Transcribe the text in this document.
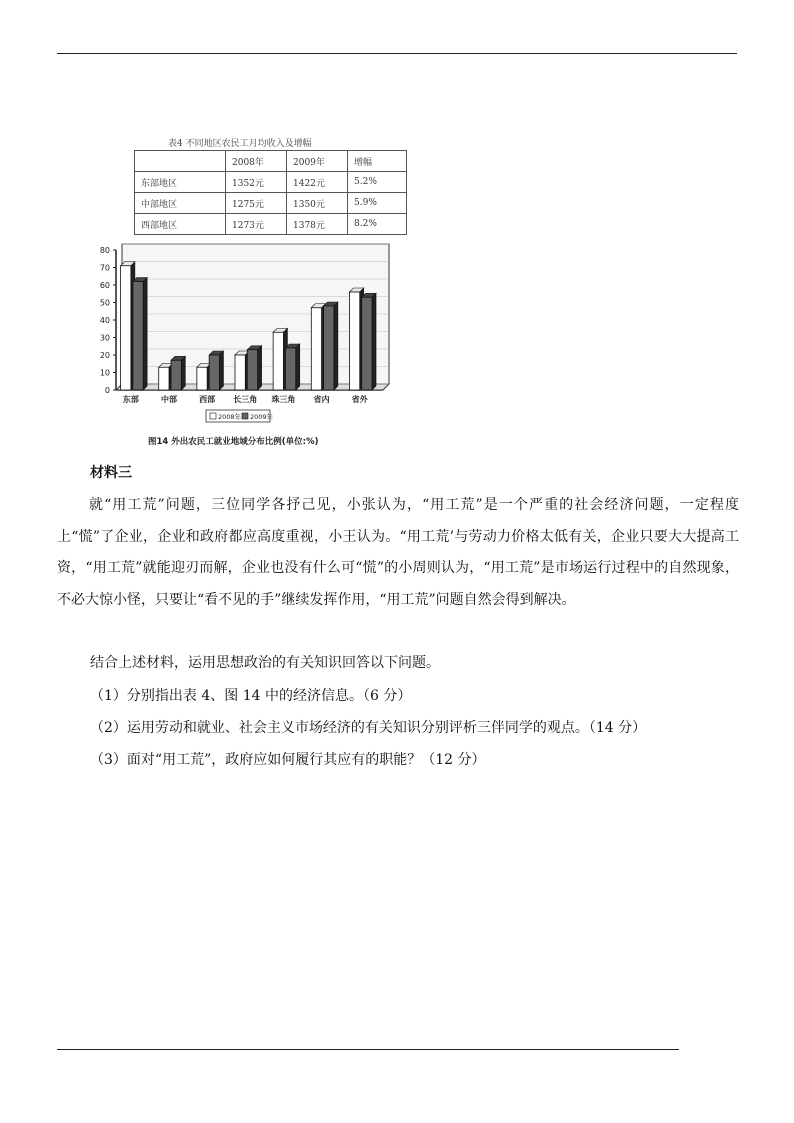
表4 不同地区农民工月均收入及增幅
	2008年	2009年	增幅
东部地区	1352元	1422元	5.2%
中部地区	1275元	1350元	5.9%
西部地区	1273元	1378元	8.2%
0
10
20
30
40
50
60
70
80
东部	中部	西部 长三角 珠三角 省内	省外
2008年 2009年
图14 外出农民工就业地域分布比例(单位:%)
材料三
就“用工荒”问题，三位同学各抒己见，小张认为，“用工荒”是一个严重的社会经济问题，一定程度上“慌”了企业，企业和政府都应高度重视，小王认为。“用工荒’与劳动力价格太低有关，企业只要大大提高工资，“用工荒”就能迎刃而解，企业也没有什么可“慌”的小周则认为，“用工荒”是市场运行过程中的自然现象，不必大惊小怪，只要让“看不见的手”继续发挥作用，“用工荒”问题自然会得到解决。
结合上述材料，运用思想政治的有关知识回答以下问题。
（1）分别指出表 4、图 14 中的经济信息。（6 分）
（2）运用劳动和就业、社会主义市场经济的有关知识分别评析三伴同学的观点。（14 分）
（3）面对“用工荒”，政府应如何履行其应有的职能？（12 分）
